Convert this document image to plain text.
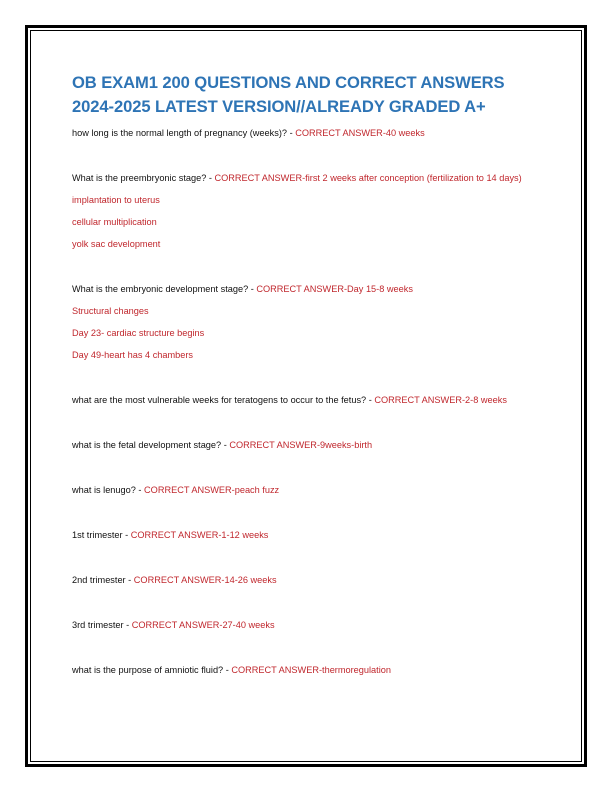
OB EXAM1 200 QUESTIONS AND CORRECT ANSWERS
2024-2025 LATEST VERSION//ALREADY GRADED A+
how long is the normal length of pregnancy (weeks)? - CORRECT ANSWER-40 weeks
What is the preembryonic stage? - CORRECT ANSWER-first 2 weeks after conception (fertilization to 14 days)
implantation to uterus
cellular multiplication
yolk sac development
What is the embryonic development stage? - CORRECT ANSWER-Day 15-8 weeks
Structural changes
Day 23- cardiac structure begins
Day 49-heart has 4 chambers
what are the most vulnerable weeks for teratogens to occur to the fetus? - CORRECT ANSWER-2-8 weeks
what is the fetal development stage? - CORRECT ANSWER-9weeks-birth
what is lenugo? - CORRECT ANSWER-peach fuzz
1st trimester - CORRECT ANSWER-1-12 weeks
2nd trimester - CORRECT ANSWER-14-26 weeks
3rd trimester - CORRECT ANSWER-27-40 weeks
what is the purpose of amniotic fluid? - CORRECT ANSWER-thermoregulation
